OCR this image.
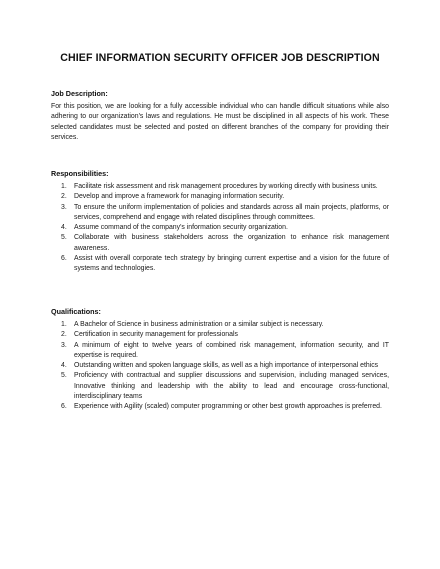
CHIEF INFORMATION SECURITY OFFICER JOB DESCRIPTION

Job Description:

For this position, we are looking for a fully accessible individual who can handle difficult situations while also adhering to our organization's laws and regulations. He must be disciplined in all aspects of his work. These selected candidates must be selected and posted on different branches of the company for providing their services.

Responsibilities:

1. Facilitate risk assessment and risk management procedures by working directly with business units.
2. Develop and improve a framework for managing information security.
3. To ensure the uniform implementation of policies and standards across all main projects, platforms, or services, comprehend and engage with related disciplines through committees.
4. Assume command of the company's information security organization.
5. Collaborate with business stakeholders across the organization to enhance risk management awareness.
6. Assist with overall corporate tech strategy by bringing current expertise and a vision for the future of systems and technologies.

Qualifications:

1. A Bachelor of Science in business administration or a similar subject is necessary.
2. Certification in security management for professionals
3. A minimum of eight to twelve years of combined risk management, information security, and IT expertise is required.
4. Outstanding written and spoken language skills, as well as a high importance of interpersonal ethics
5. Proficiency with contractual and supplier discussions and supervision, including managed services, Innovative thinking and leadership with the ability to lead and encourage cross-functional, interdisciplinary teams
6. Experience with Agility (scaled) computer programming or other best growth approaches is preferred.
